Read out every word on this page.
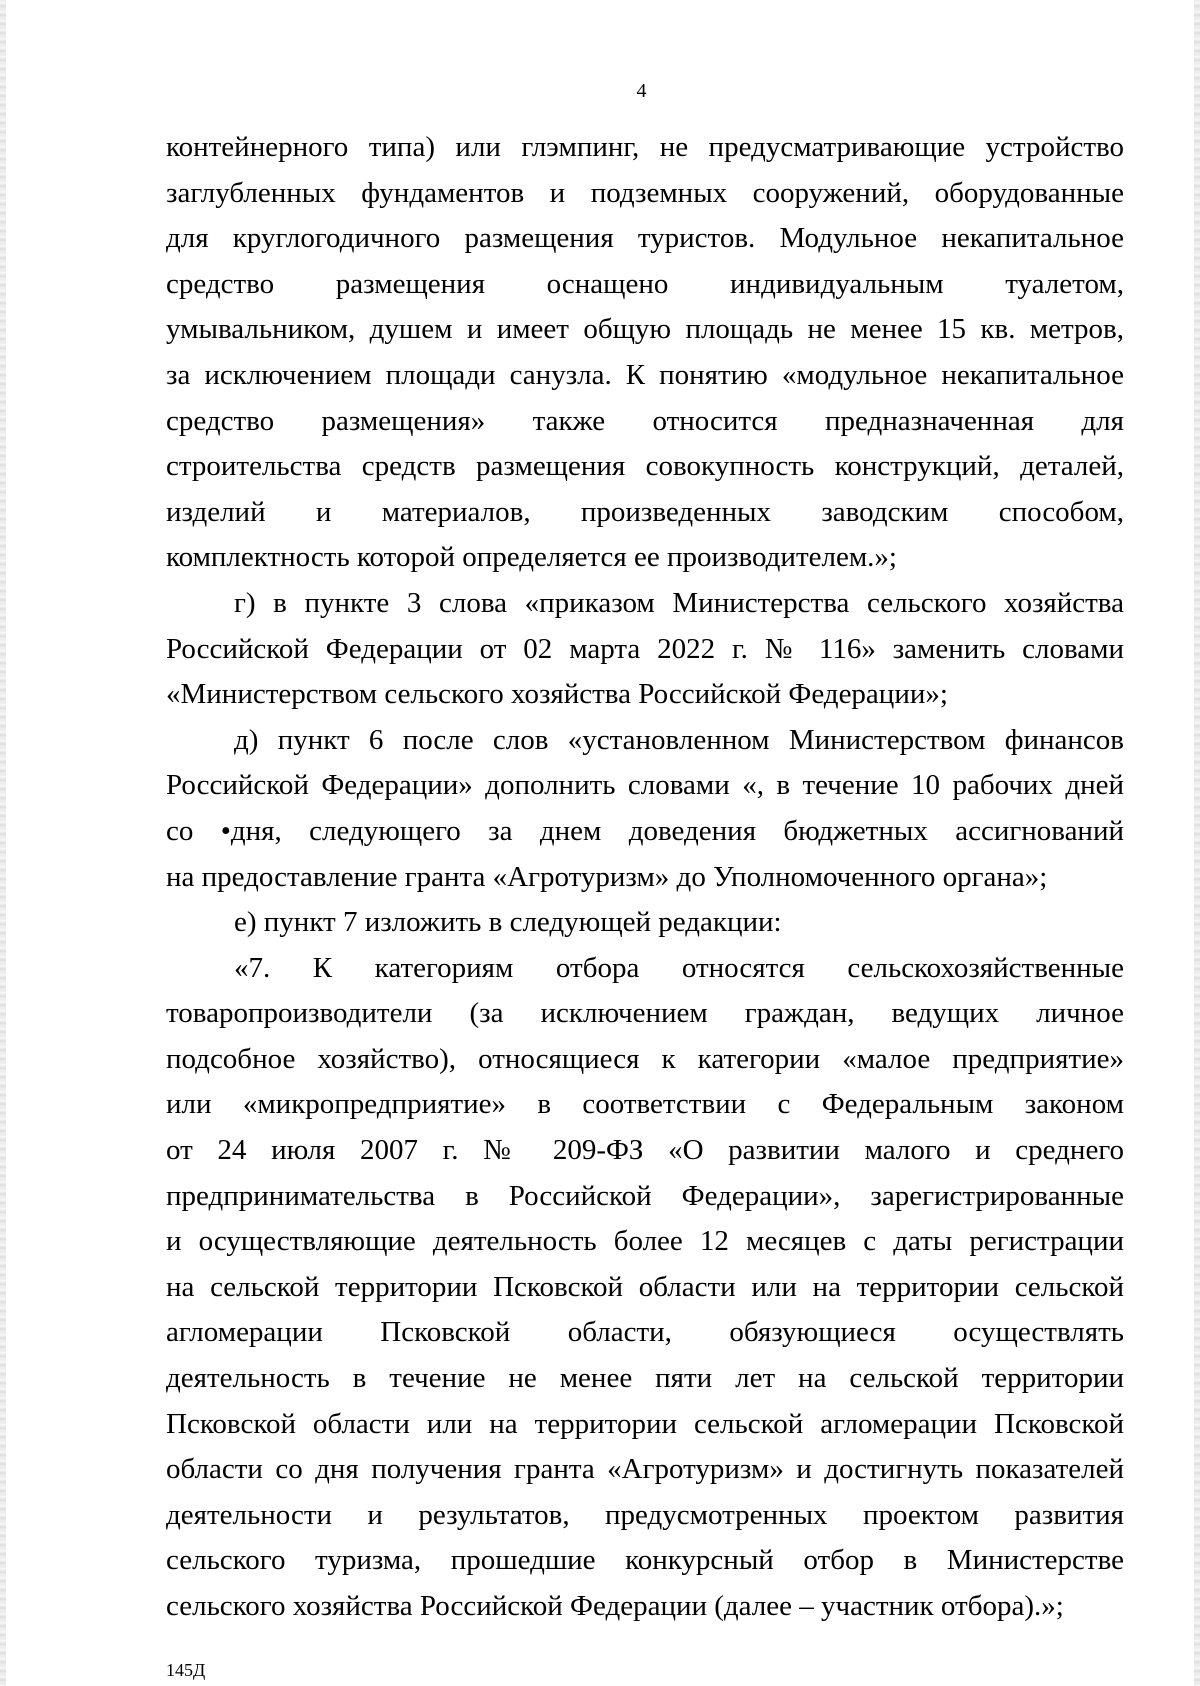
4
контейнерного типа) или глэмпинг, не предусматривающие устройство
заглубленных фундаментов и подземных сооружений, оборудованные
для круглогодичного размещения туристов. Модульное некапитальное
средство размещения оснащено индивидуальным туалетом,
умывальником, душем и имеет общую площадь не менее 15 кв. метров,
за исключением площади санузла. К понятию «модульное некапитальное
средство размещения» также относится предназначенная для
строительства средств размещения совокупность конструкций, деталей,
изделий и материалов, произведенных заводским способом,
комплектность которой определяется ее производителем.»;
г) в пункте 3 слова «приказом Министерства сельского хозяйства
Российской Федерации от 02 марта 2022 г. № 116» заменить словами
«Министерством сельского хозяйства Российской Федерации»;
д) пункт 6 после слов «установленном Министерством финансов
Российской Федерации» дополнить словами «, в течение 10 рабочих дней
со •дня, следующего за днем доведения бюджетных ассигнований
на предоставление гранта «Агротуризм» до Уполномоченного органа»;
е) пункт 7 изложить в следующей редакции:
«7. К категориям отбора относятся сельскохозяйственные
товаропроизводители (за исключением граждан, ведущих личное
подсобное хозяйство), относящиеся к категории «малое предприятие»
или «микропредприятие» в соответствии с Федеральным законом
от 24 июля 2007 г. № 209-ФЗ «О развитии малого и среднего
предпринимательства в Российской Федерации», зарегистрированные
и осуществляющие деятельность более 12 месяцев с даты регистрации
на сельской территории Псковской области или на территории сельской
агломерации Псковской области, обязующиеся осуществлять
деятельность в течение не менее пяти лет на сельской территории
Псковской области или на территории сельской агломерации Псковской
области со дня получения гранта «Агротуризм» и достигнуть показателей
деятельности и результатов, предусмотренных проектом развития
сельского туризма, прошедшие конкурсный отбор в Министерстве
сельского хозяйства Российской Федерации (далее – участник отбора).»;
145Д
